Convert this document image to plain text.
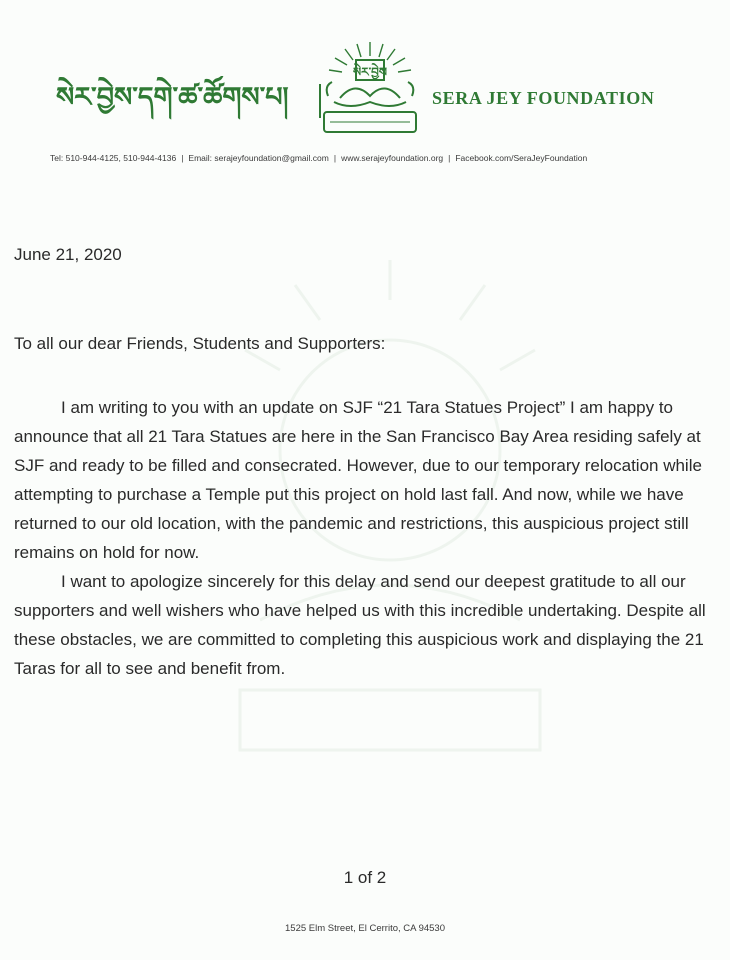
སེར་བྱེས་དགེ་ཚ་ཚོགས་པ།
སེར་བྱེས
SERA JEY FOUNDATION
Tel: 510-944-4125, 510-944-4136 | Email: serajeyfoundation@gmail.com | www.serajeyfoundation.org | Facebook.com/SeraJeyFoundation
June 21, 2020
To all our dear Friends, Students and Supporters:

I am writing to you with an update on SJF “21 Tara Statues Project” I am happy to announce that all 21 Tara Statues are here in the San Francisco Bay Area residing safely at SJF and ready to be filled and consecrated. However, due to our temporary relocation while attempting to purchase a Temple put this project on hold last fall. And now, while we have returned to our old location, with the pandemic and restrictions, this auspicious project still remains on hold for now.

I want to apologize sincerely for this delay and send our deepest gratitude to all our supporters and well wishers who have helped us with this incredible undertaking. Despite all these obstacles, we are committed to completing this auspicious work and displaying the 21 Taras for all to see and benefit from.

1 of 2
1525 Elm Street, El Cerrito, CA 94530
